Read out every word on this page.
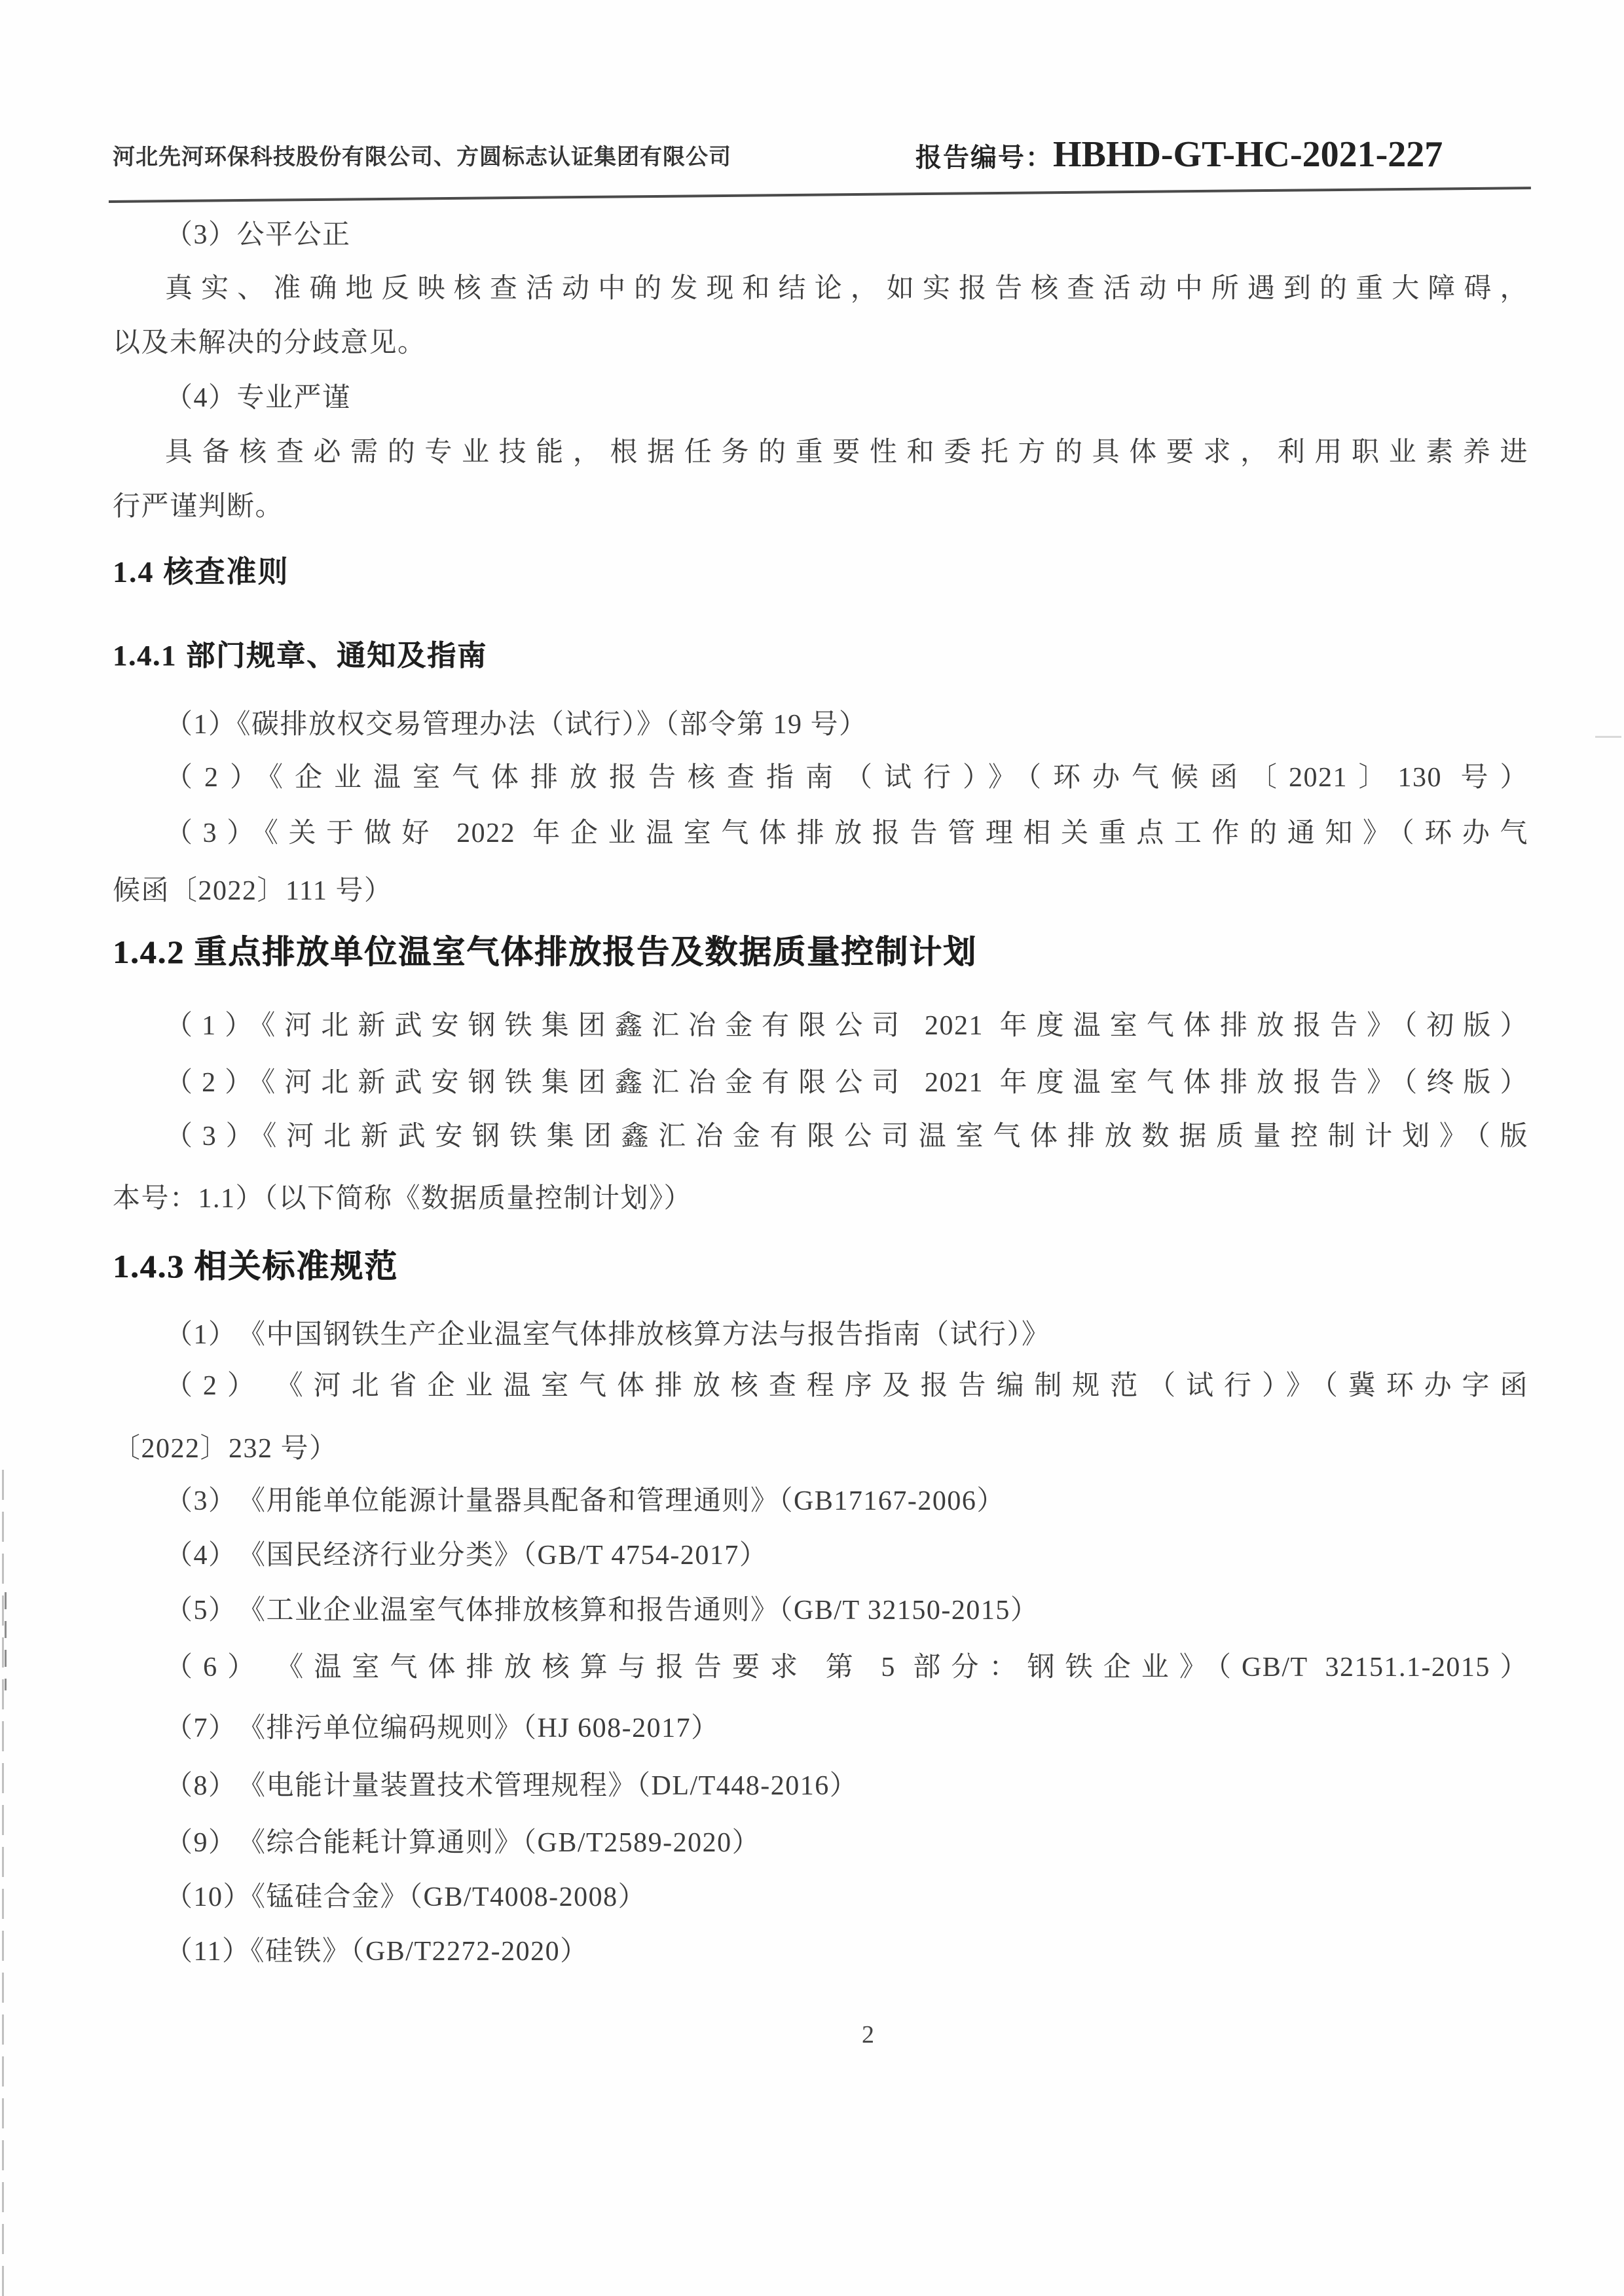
河北先河环保科技股份有限公司、方圆标志认证集团有限公司	报告编号：HBHD-GT-HC-2021-227
（3）公平公正
真实、准确地反映核查活动中的发现和结论，如实报告核查活动中所遇到的重大障碍，
以及未解决的分歧意见。
（4）专业严谨
具备核查必需的专业技能，根据任务的重要性和委托方的具体要求，利用职业素养进
行严谨判断。
1.4 核查准则
1.4.1 部门规章、通知及指南
（1）《碳排放权交易管理办法（试行）》（部令第 19 号）
（2）《企业温室气体排放报告核查指南（试行）》（环办气候函〔2021〕130 号）
（3）《关于做好 2022 年企业温室气体排放报告管理相关重点工作的通知》（环办气
候函〔2022〕111 号）
1.4.2 重点排放单位温室气体排放报告及数据质量控制计划
（1）《河北新武安钢铁集团鑫汇冶金有限公司 2021 年度温室气体排放报告》（初版）
（2）《河北新武安钢铁集团鑫汇冶金有限公司 2021 年度温室气体排放报告》（终版）
（3）《河北新武安钢铁集团鑫汇冶金有限公司温室气体排放数据质量控制计划》（版
本号：1.1）（以下简称《数据质量控制计划》）
1.4.3 相关标准规范
（1）　《中国钢铁生产企业温室气体排放核算方法与报告指南（试行）》
（2）　《河北省企业温室气体排放核查程序及报告编制规范（试行）》（冀环办字函
〔2022〕232 号）
（3）　《用能单位能源计量器具配备和管理通则》（GB17167-2006）
（4）　《国民经济行业分类》（GB/T 4754-2017）
（5）　《工业企业温室气体排放核算和报告通则》（GB/T 32150-2015）
（6）　《温室气体排放核算与报告要求 第 5 部分：钢铁企业》（GB/T 32151.1-2015）
（7）　《排污单位编码规则》（HJ 608-2017）
（8）　《电能计量装置技术管理规程》（DL/T448-2016）
（9）　《综合能耗计算通则》（GB/T2589-2020）
（10）《锰硅合金》（GB/T4008-2008）
（11）《硅铁》（GB/T2272-2020）
2
